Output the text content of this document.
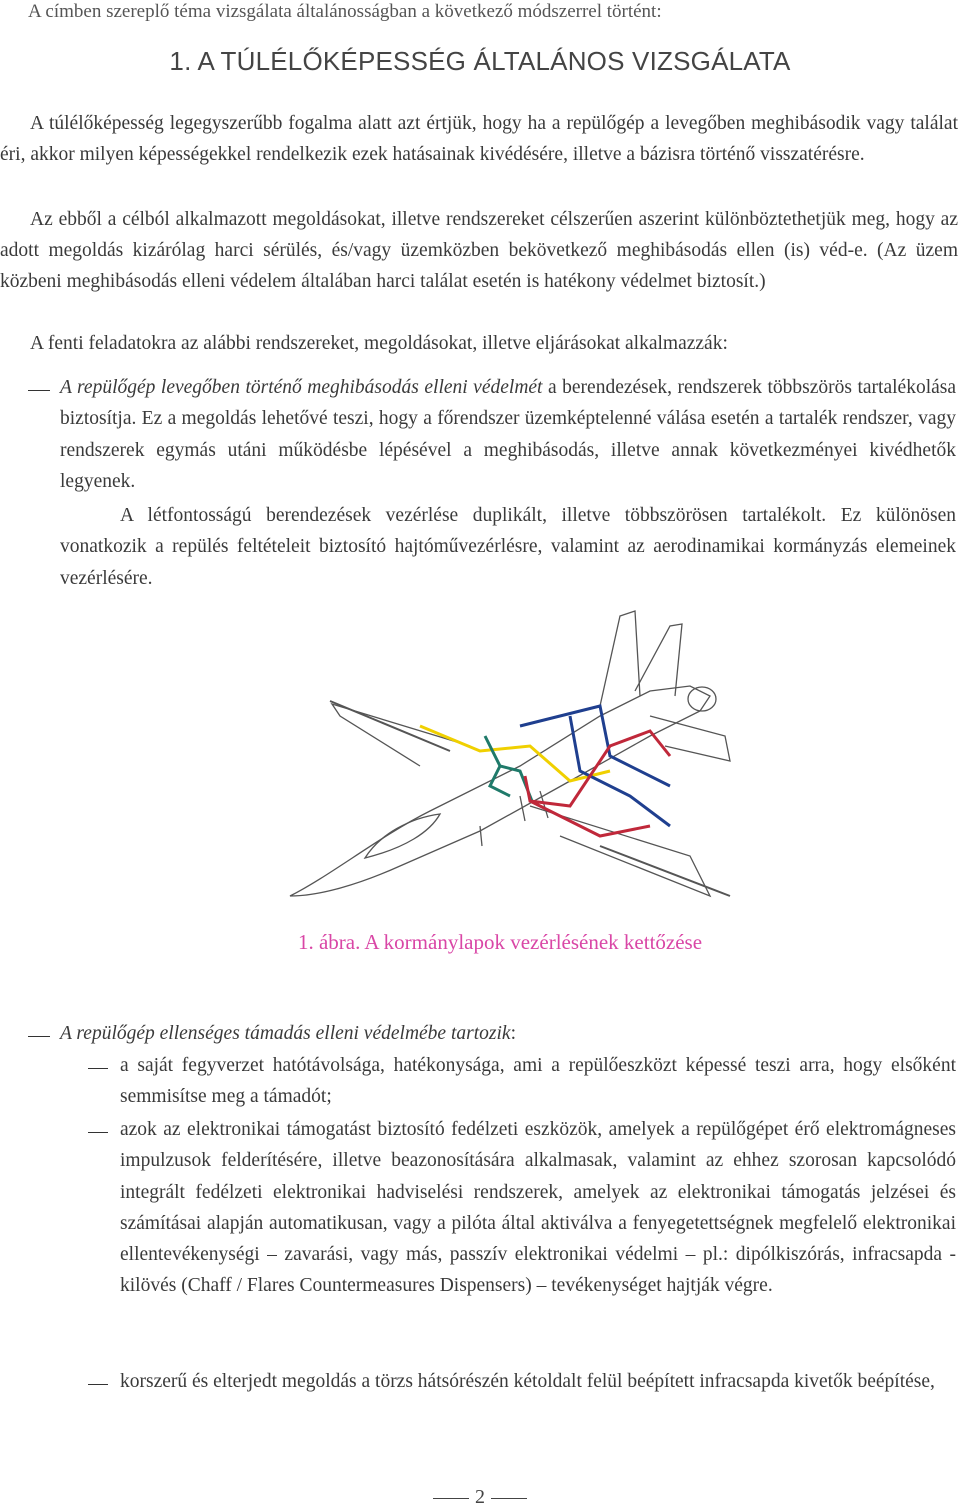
A címben szereplő téma vizsgálata általánosságban a következő módszerrel történt:
1. A TÚLÉLŐKÉPESSÉG ÁLTALÁNOS VIZSGÁLATA
A túlélőképesség legegyszerűbb fogalma alatt azt értjük, hogy ha a repülőgép a levegőben meghibásodik vagy találat éri, akkor milyen képességekkel rendelkezik ezek hatásainak kivédésére, illetve a bázisra történő visszatérésre.
Az ebből a célból alkalmazott megoldásokat, illetve rendszereket célszerűen aszerint különböztethetjük meg, hogy az adott megoldás kizárólag harci sérülés, és/vagy üzemközben bekövetkező meghibásodás ellen (is) véd-e. (Az üzem közbeni meghibásodás elleni védelem általában harci találat esetén is hatékony védelmet biztosít.)
A fenti feladatokra az alábbi rendszereket, megoldásokat, illetve eljárásokat alkalmazzák:
A repülőgép levegőben történő meghibásodás elleni védelmét a berendezések, rendszerek többszörös tartalékolása biztosítja. Ez a megoldás lehetővé teszi, hogy a főrendszer üzemképtelenné válása esetén a tartalék rendszer, vagy rendszerek egymás utáni működésbe lépésével a meghibásodás, illetve annak következményei kivédhetők legyenek.
A létfontosságú berendezések vezérlése duplikált, illetve többszörösen tartalékolt. Ez különösen vonatkozik a repülés feltételeit biztosító hajtóművezérlésre, valamint az aerodinamikai kormányzás elemeinek vezérlésére.
1. ábra. A kormánylapok vezérlésének kettőzése
A repülőgép ellenséges támadás elleni védelmébe tartozik:
a saját fegyverzet hatótávolsága, hatékonysága, ami a repülőeszközt képessé teszi arra, hogy elsőként semmisítse meg a támadót;
azok az elektronikai támogatást biztosító fedélzeti eszközök, amelyek a repülőgépet érő elektromágneses impulzusok felderítésére, illetve beazonosítására alkalmasak, valamint az ehhez szorosan kapcsolódó integrált fedélzeti elektronikai hadviselési rendszerek, amelyek az elektronikai támogatás jelzései és számításai alapján automatikusan, vagy a pilóta által aktiválva a fenyegetettségnek megfelelő elektronikai ellentevékenységi – zavarási, vagy más, passzív elektronikai védelmi – pl.: dipólkiszórás, infracsapda - kilövés (Chaff / Flares Countermeasures Dispensers) – tevékenységet hajtják végre.
korszerű és elterjedt megoldás a törzs hátsórészén kétoldalt felül beépített infracsapda kivetők beépítése,
2
